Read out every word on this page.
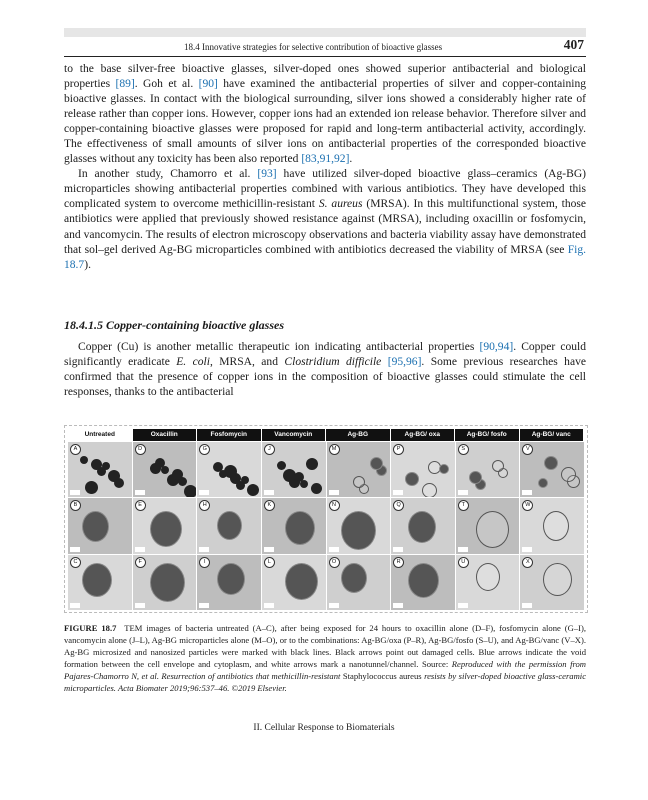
18.4 Innovative strategies for selective contribution of bioactive glasses	407

to the base silver-free bioactive glasses, silver-doped ones showed superior antibacterial and biological properties [89]. Goh et al. [90] have examined the antibacterial properties of silver and copper-containing bioactive glasses. In contact with the biological surrounding, silver ions showed a considerably higher rate of release rather than copper ions. However, copper ions had an extended ion release behavior. Therefore silver and copper-containing bioactive glasses were proposed for rapid and long-term antibacterial activity, accordingly. The effectiveness of small amounts of silver ions on antibacterial properties of the corresponded bioactive glasses without any toxicity has been also reported [83,91,92].

In another study, Chamorro et al. [93] have utilized silver-doped bioactive glass–ceramics (Ag-BG) microparticles showing antibacterial properties combined with various antibiotics. They have developed this complicated system to overcome methicillin-resistant S. aureus (MRSA). In this multifunctional system, those antibiotics were applied that previously showed resistance against (MRSA), including oxacillin or fosfomycin, and vancomycin. The results of electron microscopy observations and bacteria viability assay have demonstrated that sol–gel derived Ag-BG microparticles combined with antibiotics decreased the viability of MRSA (see Fig. 18.7).

18.4.1.5 Copper-containing bioactive glasses

Copper (Cu) is another metallic therapeutic ion indicating antibacterial properties [90,94]. Copper could significantly eradicate E. coli, MRSA, and Clostridium difficile [95,96]. Some previous researches have confirmed that the presence of copper ions in the composition of bioactive glasses could stimulate the cell responses, thanks to the antibacterial

Untreated	Oxacillin	Fosfomycin	Vancomycin	Ag-BG	Ag-BG/ oxa	Ag-BG/ fosfo	Ag-BG/ vanc
A	D	G	J	M	P	S	V
B	E	H	K	N	Q	T	W
C	F	I	L	O	R	U	X
FIGURE 18.7 TEM images of bacteria untreated (A–C), after being exposed for 24 hours to oxacillin alone (D–F), fosfomycin alone (G–I), vancomycin alone (J–L), Ag-BG microparticles alone (M–O), or to the combinations: Ag-BG/oxa (P–R), Ag-BG/fosfo (S–U), and Ag-BG/vanc (V–X). Ag-BG microsized and nanosized particles were marked with black lines. Black arrows point out damaged cells. Blue arrows indicate the void formation between the cell envelope and cytoplasm, and white arrows mark a nanotunnel/channel. Source: Reproduced with the permission from Pajares-Chamorro N, et al. Resurrection of antibiotics that methicillin-resistant Staphylococcus aureus resists by silver-doped bioactive glass-ceramic microparticles. Acta Biomater 2019;96:537–46. ©2019 Elsevier.
II. Cellular Response to Biomaterials
